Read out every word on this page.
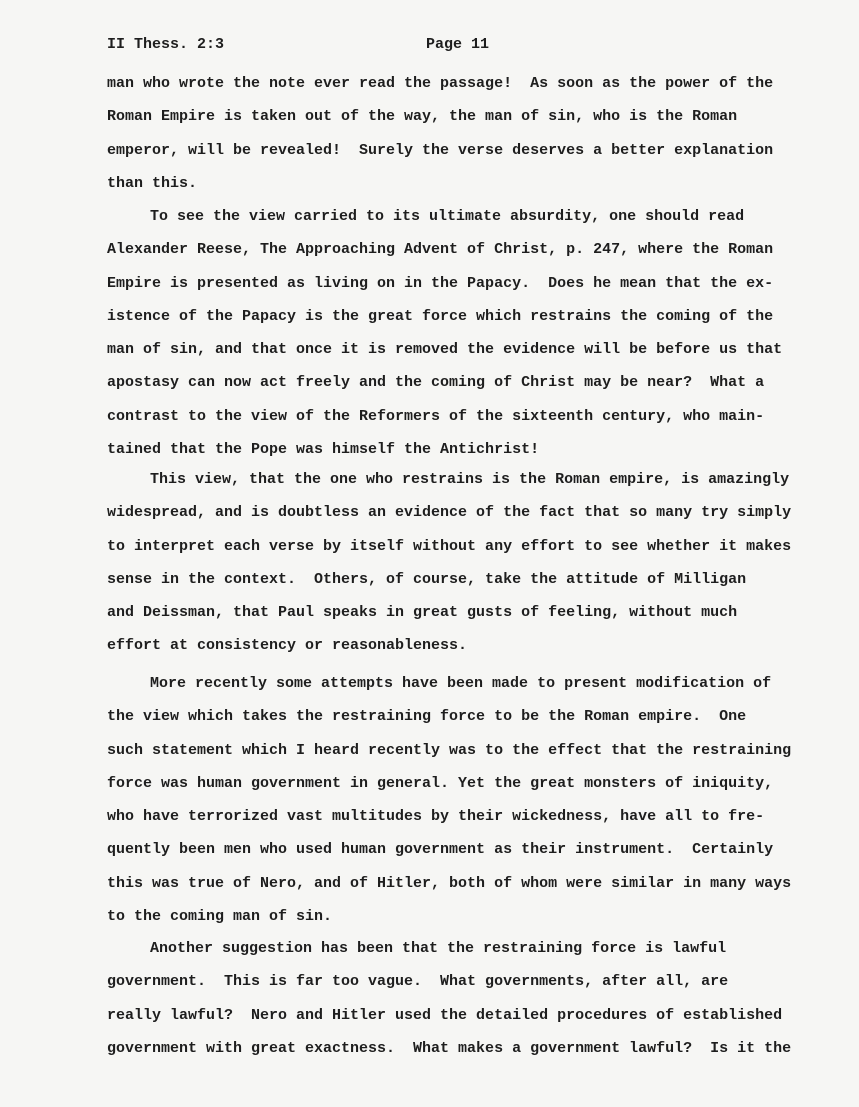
II Thess. 2:3	Page 11
man who wrote the note ever read the passage!  As soon as the power of the
Roman Empire is taken out of the way, the man of sin, who is the Roman
emperor, will be revealed!  Surely the verse deserves a better explanation
than this.
To see the view carried to its ultimate absurdity, one should read
Alexander Reese, The Approaching Advent of Christ, p. 247, where the Roman
Empire is presented as living on in the Papacy.  Does he mean that the ex-
istence of the Papacy is the great force which restrains the coming of the
man of sin, and that once it is removed the evidence will be before us that
apostasy can now act freely and the coming of Christ may be near?  What a
contrast to the view of the Reformers of the sixteenth century, who main-
tained that the Pope was himself the Antichrist!
This view, that the one who restrains is the Roman empire, is amazingly
widespread, and is doubtless an evidence of the fact that so many try simply
to interpret each verse by itself without any effort to see whether it makes
sense in the context.  Others, of course, take the attitude of Milligan
and Deissman, that Paul speaks in great gusts of feeling, without much
effort at consistency or reasonableness.
More recently some attempts have been made to present modification of
the view which takes the restraining force to be the Roman empire.  One
such statement which I heard recently was to the effect that the restraining
force was human government in general. Yet the great monsters of iniquity,
who have terrorized vast multitudes by their wickedness, have all to fre-
quently been men who used human government as their instrument.  Certainly
this was true of Nero, and of Hitler, both of whom were similar in many ways
to the coming man of sin.
Another suggestion has been that the restraining force is lawful
government.  This is far too vague.  What governments, after all, are
really lawful?  Nero and Hitler used the detailed procedures of established
government with great exactness.  What makes a government lawful?  Is it the
